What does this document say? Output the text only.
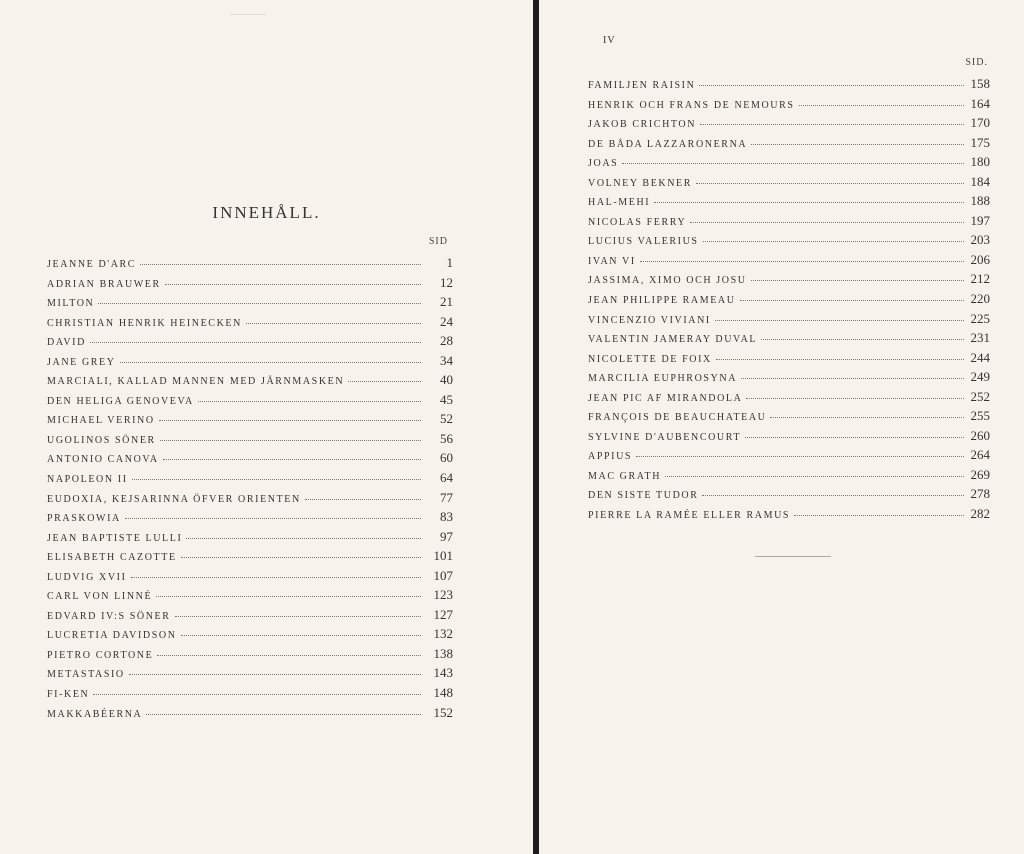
INNEHÅLL.
SID
JEANNE D'ARC	1
ADRIAN BRAUWER	12
MILTON	21
CHRISTIAN HENRIK HEINECKEN	24
DAVID	28
JANE GREY	34
MARCIALI, KALLAD MANNEN MED JÄRNMASKEN	40
DEN HELIGA GENOVEVA	45
MICHAEL VERINO	52
UGOLINOS SÖNER	56
ANTONIO CANOVA	60
NAPOLEON II	64
EUDOXIA, KEJSARINNA ÖFVER ORIENTEN	77
PRASKOWIA	83
JEAN BAPTISTE LULLI	97
ELISABETH CAZOTTE	101
LUDVIG XVII	107
CARL VON LINNÉ	123
EDVARD IV:S SÖNER	127
LUCRETIA DAVIDSON	132
PIETRO CORTONE	138
METASTASIO	143
FI-KEN	148
MAKKABÉERNA	152
IV
SID.
FAMILJEN RAISIN	158
HENRIK OCH FRANS DE NEMOURS	164
JAKOB CRICHTON	170
DE BÅDA LAZZARONERNA	175
JOAS	180
VOLNEY BEKNER	184
HAL-MEHI	188
NICOLAS FERRY	197
LUCIUS VALERIUS	203
IVAN VI	206
JASSIMA, XIMO OCH JOSU	212
JEAN PHILIPPE RAMEAU	220
VINCENZIO VIVIANI	225
VALENTIN JAMERAY DUVAL	231
NICOLETTE DE FOIX	244
MARCILIA EUPHROSYNA	249
JEAN PIC AF MIRANDOLA	252
FRANÇOIS DE BEAUCHATEAU	255
SYLVINE D'AUBENCOURT	260
APPIUS	264
MAC GRATH	269
DEN SISTE TUDOR	278
PIERRE LA RAMÉE ELLER RAMUS	282
